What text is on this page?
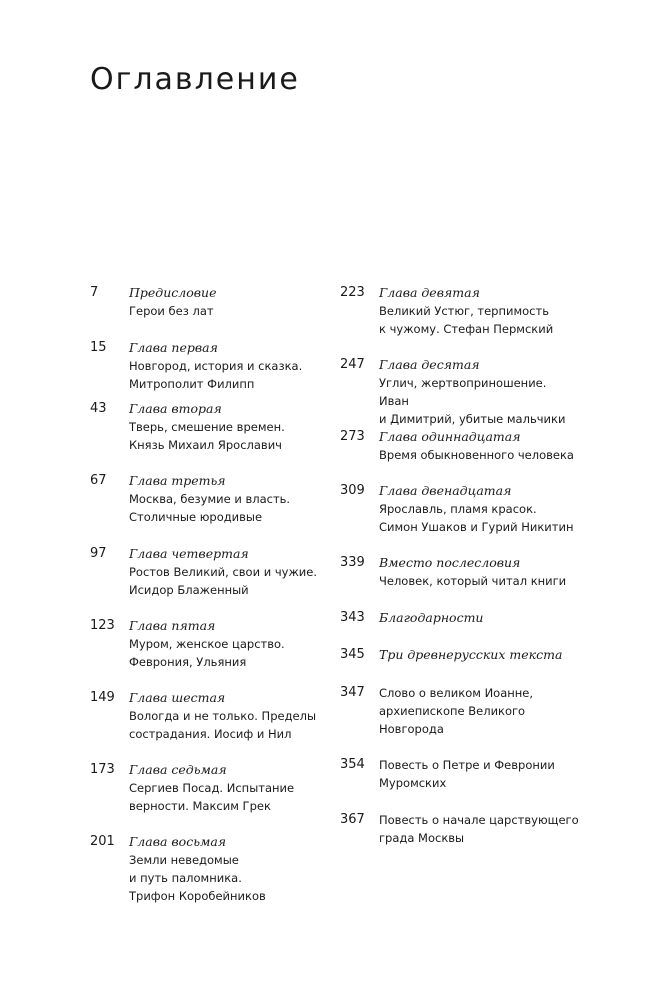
Оглавление
7 Предисловие
Герои без лат
15 Глава первая
Новгород, история и сказка.
Митрополит Филипп
43 Глава вторая
Тверь, смешение времен.
Князь Михаил Ярославич
67 Глава третья
Москва, безумие и власть.
Столичные юродивые
97 Глава четвертая
Ростов Великий, свои и чужие.
Исидор Блаженный
123 Глава пятая
Муром, женское царство.
Феврония, Ульяния
149 Глава шестая
Вологда и не только. Пределы
сострадания. Иосиф и Нил
173 Глава седьмая
Сергиев Посад. Испытание
верности. Максим Грек
201 Глава восьмая
Земли неведомые
и путь паломника.
Трифон Коробейников
223 Глава девятая
Великий Устюг, терпимость
к чужому. Стефан Пермский
247 Глава десятая
Углич, жертвоприношение. Иван
и Димитрий, убитые мальчики
273 Глава одиннадцатая
Время обыкновенного человека
309 Глава двенадцатая
Ярославль, пламя красок.
Симон Ушаков и Гурий Никитин
339 Вместо послесловия
Человек, который читал книги
343 Благодарности
345 Три древнерусских текста
347 Слово о великом Иоанне,
архиепископе Великого
Новгорода
354 Повесть о Петре и Февронии
Муромских
367 Повесть о начале царствующего
града Москвы
